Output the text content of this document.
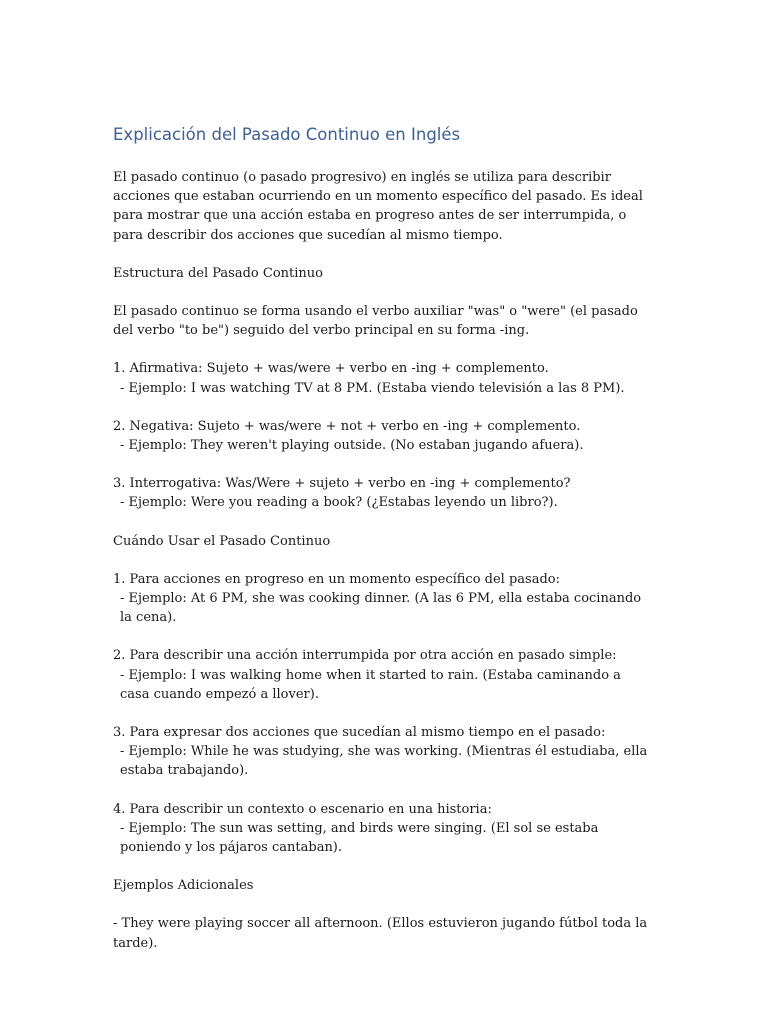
Explicación del Pasado Continuo en Inglés

El pasado continuo (o pasado progresivo) en inglés se utiliza para describir acciones que estaban ocurriendo en un momento específico del pasado. Es ideal para mostrar que una acción estaba en progreso antes de ser interrumpida, o para describir dos acciones que sucedían al mismo tiempo.

Estructura del Pasado Continuo

El pasado continuo se forma usando el verbo auxiliar "was" o "were" (el pasado del verbo "to be") seguido del verbo principal en su forma -ing.

1. Afirmativa: Sujeto + was/were + verbo en -ing + complemento.
- Ejemplo: I was watching TV at 8 PM. (Estaba viendo televisión a las 8 PM).
2. Negativa: Sujeto + was/were + not + verbo en -ing + complemento.
- Ejemplo: They weren't playing outside. (No estaban jugando afuera).
3. Interrogativa: Was/Were + sujeto + verbo en -ing + complemento?
- Ejemplo: Were you reading a book? (¿Estabas leyendo un libro?).

Cuándo Usar el Pasado Continuo

1. Para acciones en progreso en un momento específico del pasado:
- Ejemplo: At 6 PM, she was cooking dinner. (A las 6 PM, ella estaba cocinando la cena).
2. Para describir una acción interrumpida por otra acción en pasado simple:
- Ejemplo: I was walking home when it started to rain. (Estaba caminando a casa cuando empezó a llover).
3. Para expresar dos acciones que sucedían al mismo tiempo en el pasado:
- Ejemplo: While he was studying, she was working. (Mientras él estudiaba, ella estaba trabajando).
4. Para describir un contexto o escenario en una historia:
- Ejemplo: The sun was setting, and birds were singing. (El sol se estaba poniendo y los pájaros cantaban).

Ejemplos Adicionales

- They were playing soccer all afternoon. (Ellos estuvieron jugando fútbol toda la tarde).
